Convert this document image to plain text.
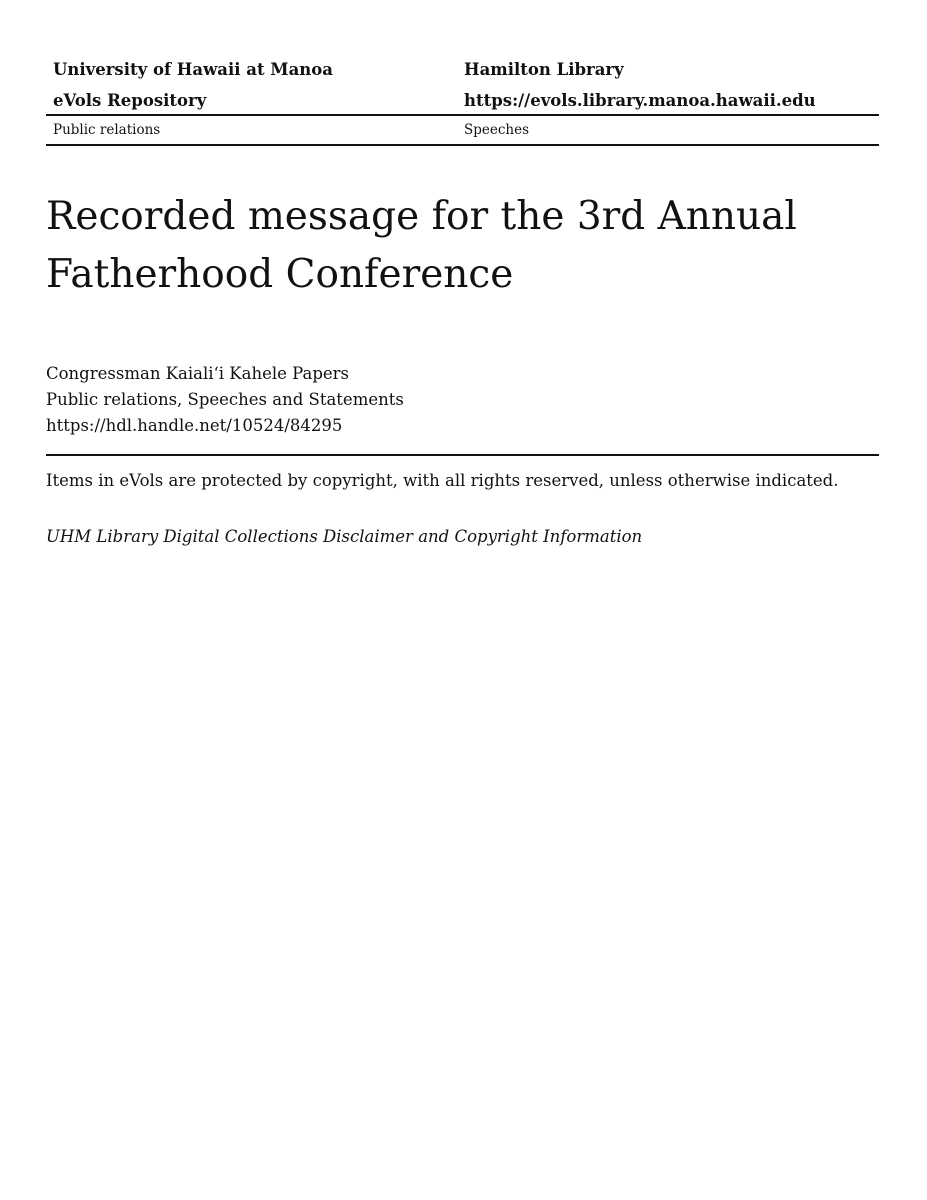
University of Hawaii at Manoa	Hamilton Library
eVols Repository	https://evols.library.manoa.hawaii.edu
Public relations	Speeches
Recorded message for the 3rd Annual
Fatherhood Conference
Congressman Kaialiʻi Kahele Papers
Public relations, Speeches and Statements
https://hdl.handle.net/10524/84295
Items in eVols are protected by copyright, with all rights reserved, unless otherwise indicated.
UHM Library Digital Collections Disclaimer and Copyright Information
